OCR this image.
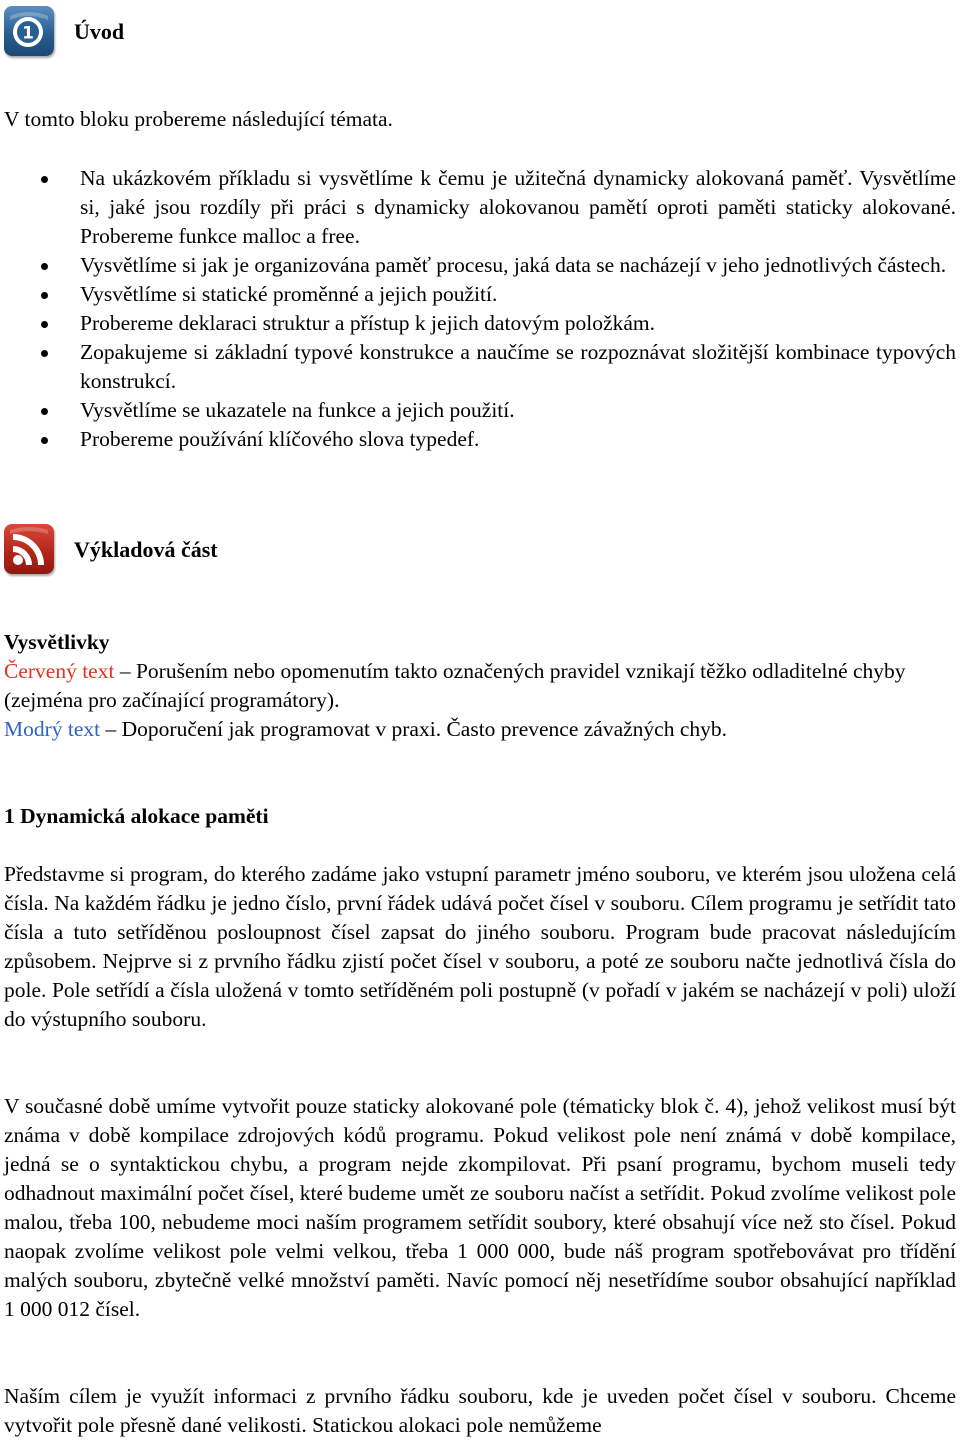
1 Úvod

V tomto bloku probereme následující témata.

Na ukázkovém příkladu si vysvětlíme k čemu je užitečná dynamicky alokovaná paměť. Vysvětlíme si, jaké jsou rozdíly při práci s dynamicky alokovanou pamětí oproti paměti staticky alokované. Probereme funkce malloc a free.
Vysvětlíme si jak je organizována paměť procesu, jaká data se nacházejí v jeho jednotlivých částech.
Vysvětlíme si statické proměnné a jejich použití.
Probereme deklaraci struktur a přístup k jejich datovým položkám.
Zopakujeme si základní typové konstrukce a naučíme se rozpoznávat složitější kombinace typových konstrukcí.
Vysvětlíme se ukazatele na funkce a jejich použití.
Probereme používání klíčového slova typedef.
Výkladová část

Vysvětlivky

Červený text – Porušením nebo opomenutím takto označených pravidel vznikají těžko odladitelné chyby (zejména pro začínající programátory).

Modrý text – Doporučení jak programovat v praxi. Často prevence závažných chyb.

1 Dynamická alokace paměti

Představme si program, do kterého zadáme jako vstupní parametr jméno souboru, ve kterém jsou uložena celá čísla. Na každém řádku je jedno číslo, první řádek udává počet čísel v souboru. Cílem programu je setřídit tato čísla a tuto setříděnou posloupnost čísel zapsat do jiného souboru. Program bude pracovat následujícím způsobem. Nejprve si z prvního řádku zjistí počet čísel v souboru, a poté ze souboru načte jednotlivá čísla do pole. Pole setřídí a čísla uložená v tomto setříděném poli postupně (v pořadí v jakém se nacházejí v poli) uloží do výstupního souboru.

V současné době umíme vytvořit pouze staticky alokované pole (tématicky blok č. 4), jehož velikost musí být známa v době kompilace zdrojových kódů programu. Pokud velikost pole není známá v době kompilace, jedná se o syntaktickou chybu, a program nejde zkompilovat. Při psaní programu, bychom museli tedy odhadnout maximální počet čísel, které budeme umět ze souboru načíst a setřídit. Pokud zvolíme velikost pole malou, třeba 100, nebudeme moci naším programem setřídit soubory, které obsahují více než sto čísel. Pokud naopak zvolíme velikost pole velmi velkou, třeba 1 000 000, bude náš program spotřebovávat pro třídění malých souboru, zbytečně velké množství paměti. Navíc pomocí něj nesetřídíme soubor obsahující například 1 000 012 čísel.

Naším cílem je využít informaci z prvního řádku souboru, kde je uveden počet čísel v souboru. Chceme vytvořit pole přesně dané velikosti. Statickou alokaci pole nemůžeme
